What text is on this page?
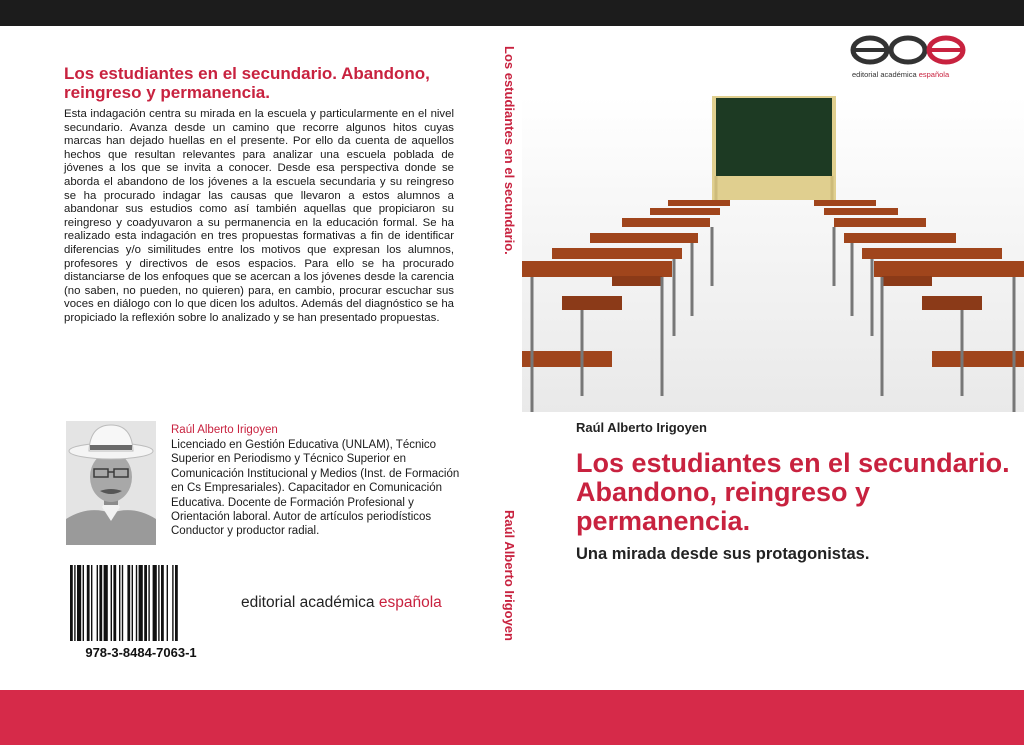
Los estudiantes en el secundario. Abandono, reingreso y permanencia.

Esta indagación centra su mirada en la escuela y particularmente en el nivel secundario. Avanza desde un camino que recorre algunos hitos cuyas marcas han dejado huellas en el presente. Por ello da cuenta de aquellos hechos que resultan relevantes para analizar una escuela poblada de jóvenes a los que se invita a conocer. Desde esa perspectiva donde se aborda el abandono de los jóvenes a la escuela secundaria y su reingreso se ha procurado indagar las causas que llevaron a estos alumnos a abandonar sus estudios como así también aquellas que propiciaron su reingreso y coadyuvaron a su permanencia en la educación formal. Se ha realizado esta indagación en tres propuestas formativas a fin de identificar diferencias y/o similitudes entre los motivos que expresan los alumnos, profesores y directivos de esos espacios. Para ello se ha procurado distanciarse de los enfoques que se acercan a los jóvenes desde la carencia (no saben, no pueden, no quieren) para, en cambio, procurar escuchar sus voces en diálogo con lo que dicen los adultos. Además del diagnóstico se ha propiciado la reflexión sobre lo analizado y se han presentado propuestas.

Raúl Alberto Irigoyen

Licenciado en Gestión Educativa (UNLAM), Técnico Superior en Periodismo y Técnico Superior en Comunicación Institucional y Medios (Inst. de Formación en Cs Empresariales). Capacitador en Comunicación Educativa. Docente de Formación Profesional y Orientación laboral. Autor de artículos periodísticos Conductor y productor radial.

978-3-8484-7063-1

editorial académica española

Los estudiantes en el secundario.

Raúl Alberto Irigoyen

editorial académica española

Raúl Alberto Irigoyen

Los estudiantes en el secundario. Abandono, reingreso y permanencia.

Una mirada desde sus protagonistas.
